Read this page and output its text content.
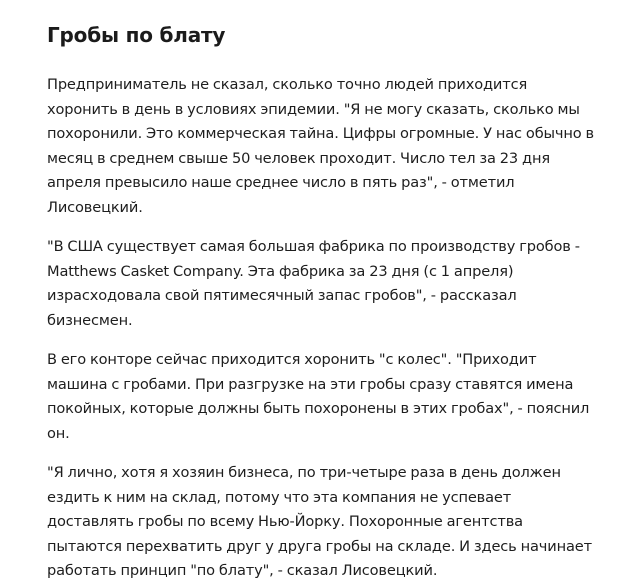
Гробы по блату

Предприниматель не сказал, сколько точно людей приходится хоронить в день в условиях эпидемии. "Я не могу сказать, сколько мы похоронили. Это коммерческая тайна. Цифры огромные. У нас обычно в месяц в среднем свыше 50 человек проходит. Число тел за 23 дня апреля превысило наше среднее число в пять раз", - отметил Лисовецкий.

"В США существует самая большая фабрика по производству гробов - Matthews Casket Company. Эта фабрика за 23 дня (с 1 апреля) израсходовала свой пятимесячный запас гробов", - рассказал бизнесмен.

В его конторе сейчас приходится хоронить "с колес". "Приходит машина с гробами. При разгрузке на эти гробы сразу ставятся имена покойных, которые должны быть похоронены в этих гробах", - пояснил он.

"Я лично, хотя я хозяин бизнеса, по три-четыре раза в день должен ездить к ним на склад, потому что эта компания не успевает доставлять гробы по всему Нью-Йорку. Похоронные агентства пытаются перехватить друг у друга гробы на складе. И здесь начинает работать принцип "по блату", - сказал Лисовецкий.
